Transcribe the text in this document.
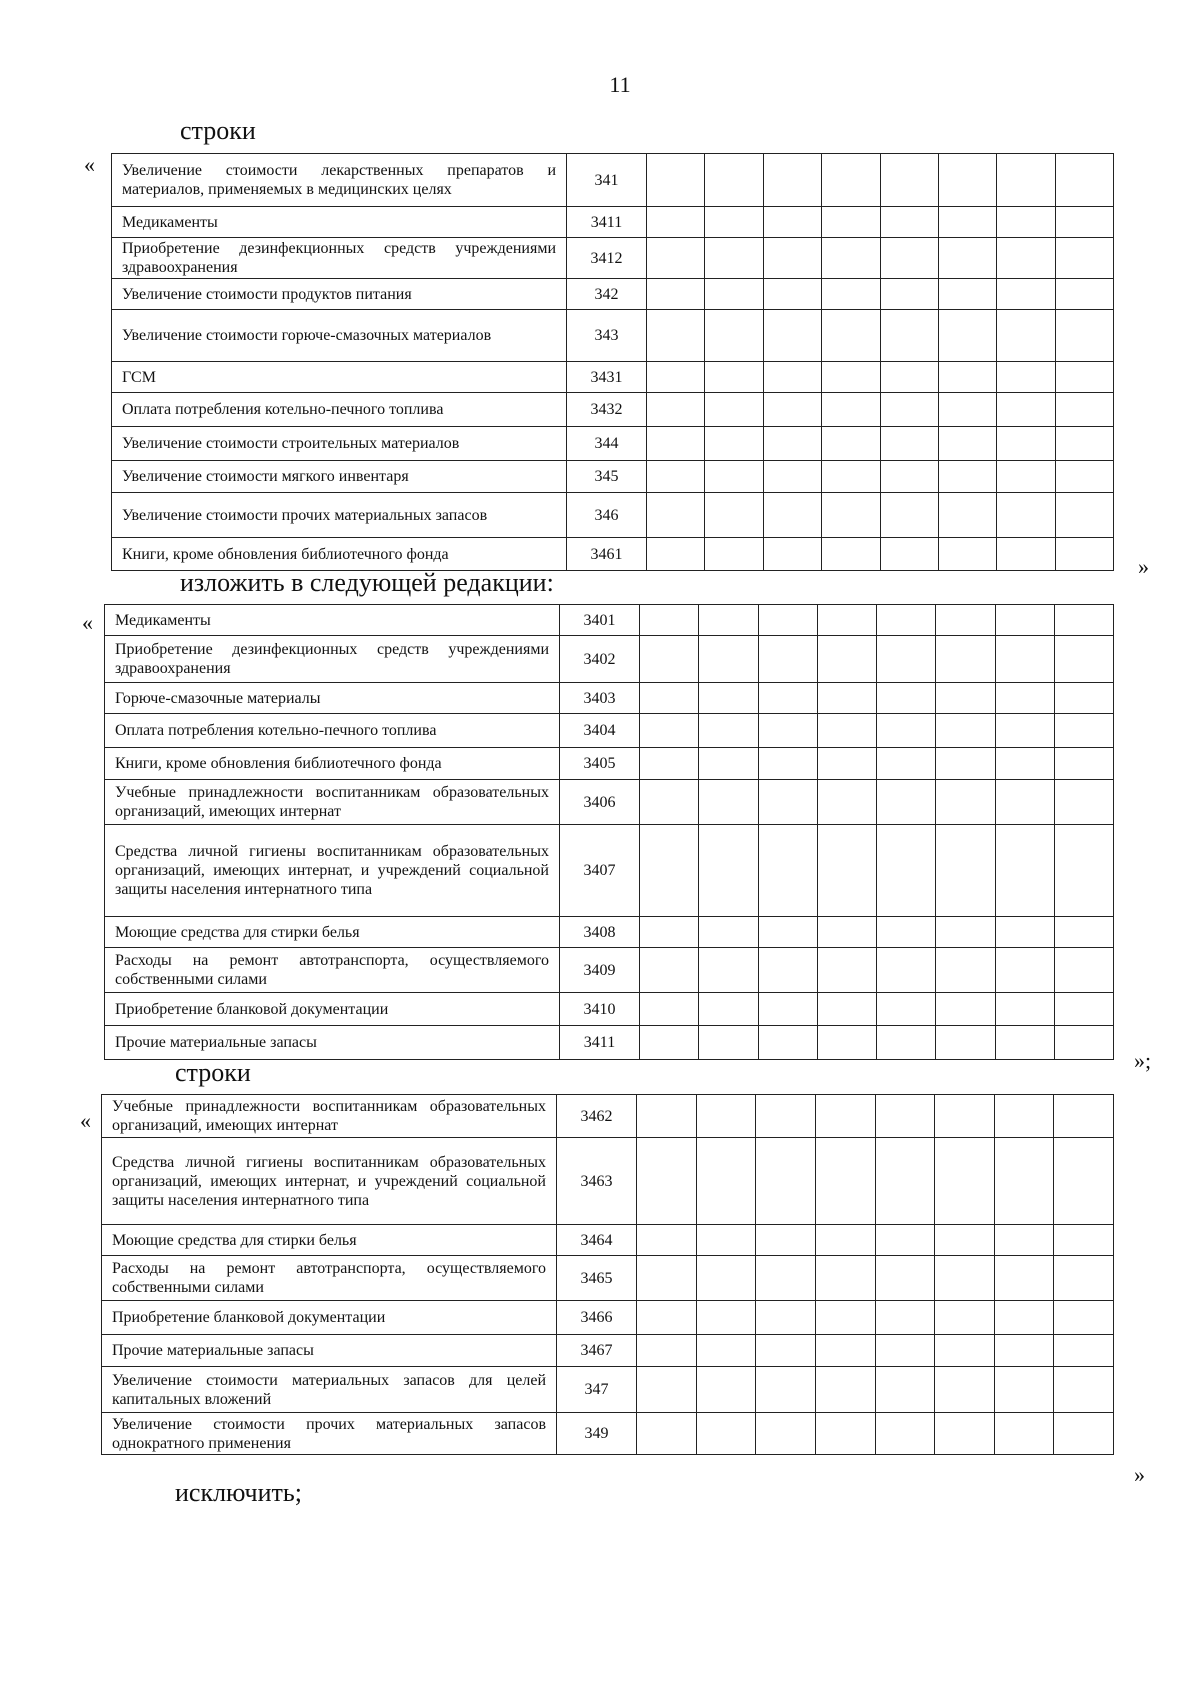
11
строки
« Увеличение стоимости лекарственных препаратов и материалов, применяемых в медицинских целях	341								
Медикаменты	3411								
Приобретение дезинфекционных средств учреждениями здравоохранения	3412								
Увеличение стоимости продуктов питания	342								
Увеличение стоимости горюче-смазочных материалов	343								
ГСМ	3431								
Оплата потребления котельно-печного топлива	3432								
Увеличение стоимости строительных материалов	344								
Увеличение стоимости мягкого инвентаря	345								
Увеличение стоимости прочих материальных запасов	346								
Книги, кроме обновления библиотечного фонда	3461									»
изложить в следующей редакции:
« Медикаменты	3401								
Приобретение дезинфекционных средств учреждениями здравоохранения	3402								
Горюче-смазочные материалы	3403								
Оплата потребления котельно-печного топлива	3404								
Книги, кроме обновления библиотечного фонда	3405								
Учебные принадлежности воспитанникам образовательных организаций, имеющих интернат	3406								
Средства личной гигиены воспитанникам образовательных организаций, имеющих интернат, и учреждений социальной защиты населения интернатного типа	3407								
Моющие средства для стирки белья	3408								
Расходы на ремонт автотранспорта, осуществляемого собственными силами	3409								
Приобретение бланковой документации	3410								
Прочие материальные запасы	3411								
»;
строки
«
Учебные принадлежности воспитанникам образовательных организаций, имеющих интернат	3462								
Средства личной гигиены воспитанникам образовательных организаций, имеющих интернат, и учреждений социальной защиты населения интернатного типа	3463								
Моющие средства для стирки белья	3464								
Расходы на ремонт автотранспорта, осуществляемого собственными силами	3465								
Приобретение бланковой документации	3466								
Прочие материальные запасы	3467								
Увеличение стоимости материальных запасов для целей капитальных вложений	347								
Увеличение стоимости прочих материальных запасов однократного применения	349								
»
исключить;
